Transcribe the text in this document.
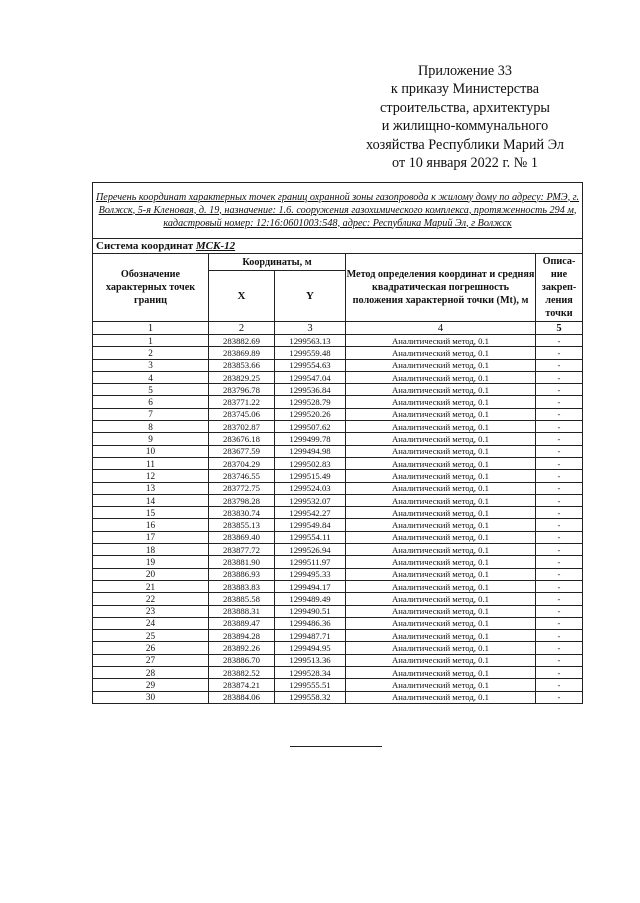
Приложение 33
к приказу Министерства
строительства, архитектуры
и жилищно-коммунального
хозяйства Республики Марий Эл
от 10 января 2022 г. № 1
Перечень координат характерных точек границ охранной зоны газопровода к жилому дому по адресу: РМЭ, г. Волжск, 5-я Кленовая, д. 19, назначение: 1.6. сооружения газохимического комплекса, протяженность 294 м, кадастровый номер: 12:16:0601003:548, адрес: Республика Марий Эл, г Волжск				
Система координат МСК-12				
Обозначение характерных точек границ	Координаты, м		Метод определения координат и средняя квадратическая погрешность положения характерной точки (Mt), м	Описа-ние закреп-ления точки
	X	Y		
1	2	3	4	5
1	283882.69	1299563.13	Аналитический метод, 0.1	-
2	283869.89	1299559.48	Аналитический метод, 0.1	-
3	283853.66	1299554.63	Аналитический метод, 0.1	-
4	283829.25	1299547.04	Аналитический метод, 0.1	-
5	283796.78	1299536.84	Аналитический метод, 0.1	-
6	283771.22	1299528.79	Аналитический метод, 0.1	-
7	283745.06	1299520.26	Аналитический метод, 0.1	-
8	283702.87	1299507.62	Аналитический метод, 0.1	-
9	283676.18	1299499.78	Аналитический метод, 0.1	-
10	283677.59	1299494.98	Аналитический метод, 0.1	-
11	283704.29	1299502.83	Аналитический метод, 0.1	-
12	283746.55	1299515.49	Аналитический метод, 0.1	-
13	283772.75	1299524.03	Аналитический метод, 0.1	-
14	283798.28	1299532.07	Аналитический метод, 0.1	-
15	283830.74	1299542.27	Аналитический метод, 0.1	-
16	283855.13	1299549.84	Аналитический метод, 0.1	-
17	283869.40	1299554.11	Аналитический метод, 0.1	-
18	283877.72	1299526.94	Аналитический метод, 0.1	-
19	283881.90	1299511.97	Аналитический метод, 0.1	-
20	283886.93	1299495.33	Аналитический метод, 0.1	-
21	283883.83	1299494.17	Аналитический метод, 0.1	-
22	283885.58	1299489.49	Аналитический метод, 0.1	-
23	283888.31	1299490.51	Аналитический метод, 0.1	-
24	283889.47	1299486.36	Аналитический метод, 0.1	-
25	283894.28	1299487.71	Аналитический метод, 0.1	-
26	283892.26	1299494.95	Аналитический метод, 0.1	-
27	283886.70	1299513.36	Аналитический метод, 0.1	-
28	283882.52	1299528.34	Аналитический метод, 0.1	-
29	283874.21	1299555.51	Аналитический метод, 0.1	-
30	283884.06	1299558.32	Аналитический метод, 0.1	-
